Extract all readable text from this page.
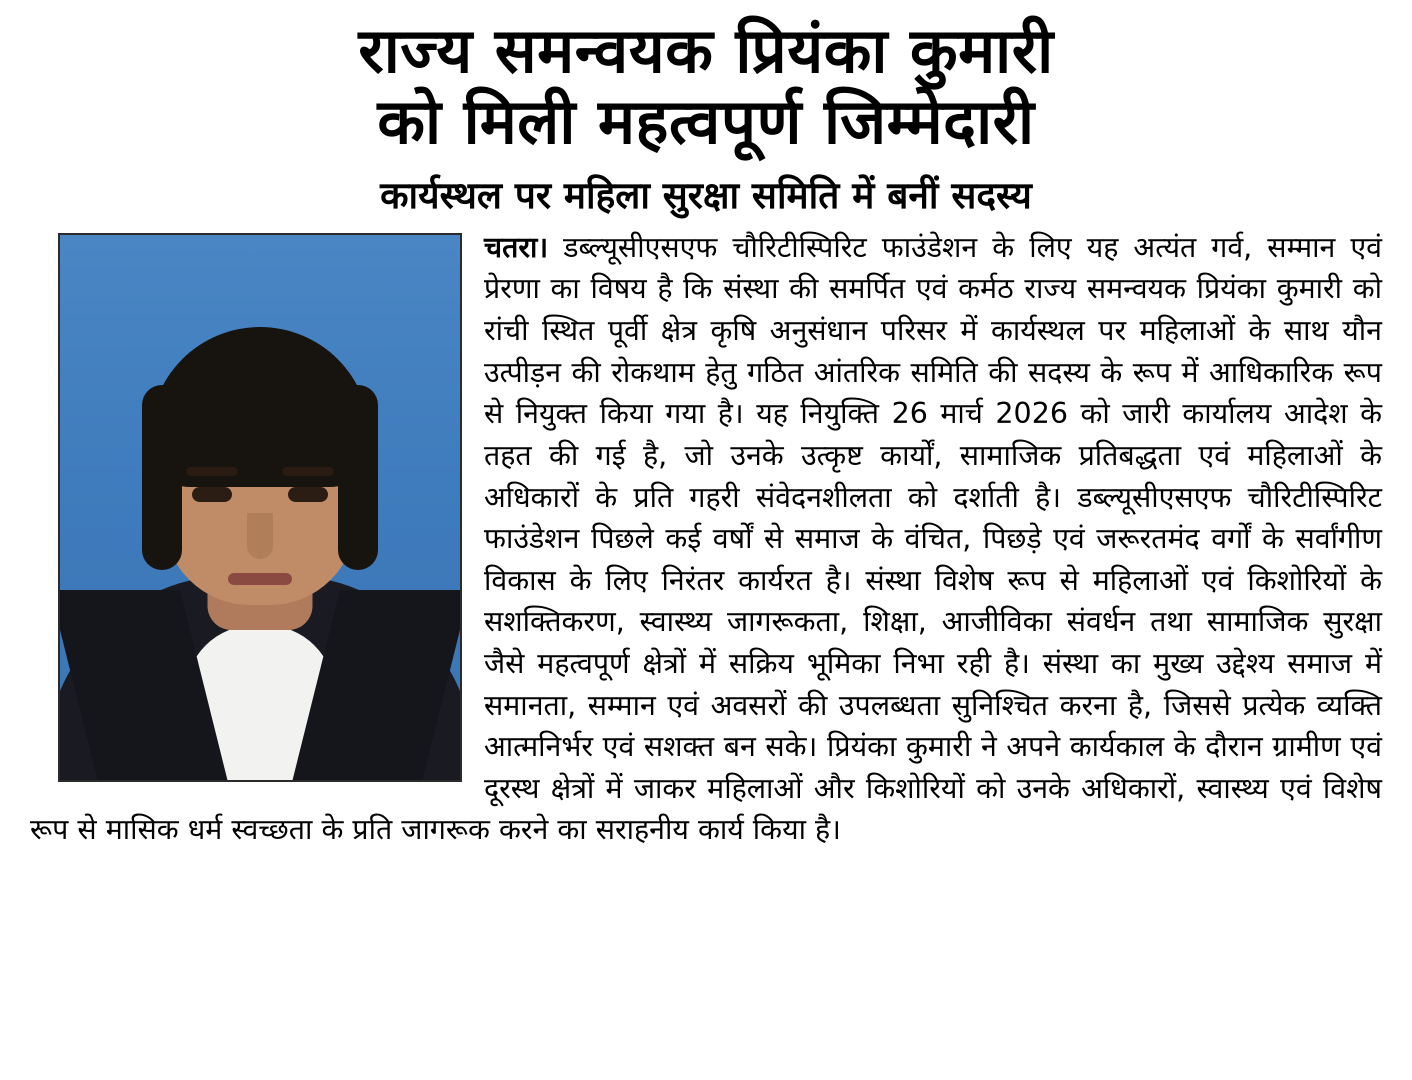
राज्य समन्वयक प्रियंका कुमारी
को मिली महत्वपूर्ण जिम्मेदारी
कार्यस्थल पर महिला सुरक्षा समिति में बनीं सदस्य
चतरा। डब्ल्यूसीएसएफ चौरिटीस्पिरिट फाउंडेशन के लिए यह अत्यंत गर्व, सम्मान एवं प्रेरणा का विषय है कि संस्था की समर्पित एवं कर्मठ राज्य समन्वयक प्रियंका कुमारी को रांची स्थित पूर्वी क्षेत्र कृषि अनुसंधान परिसर में कार्यस्थल पर महिलाओं के साथ यौन उत्पीड़न की रोकथाम हेतु गठित आंतरिक समिति की सदस्य के रूप में आधिकारिक रूप से नियुक्त किया गया है। यह नियुक्ति 26 मार्च 2026 को जारी कार्यालय आदेश के तहत की गई है, जो उनके उत्कृष्ट कार्यों, सामाजिक प्रतिबद्धता एवं महिलाओं के अधिकारों के प्रति गहरी संवेदनशीलता को दर्शाती है। डब्ल्यूसीएसएफ चौरिटीस्पिरिट फाउंडेशन पिछले कई वर्षों से समाज के वंचित, पिछड़े एवं जरूरतमंद वर्गों के सर्वांगीण विकास के लिए निरंतर कार्यरत है। संस्था विशेष रूप से महिलाओं एवं किशोरियों के सशक्तिकरण, स्वास्थ्य जागरूकता, शिक्षा, आजीविका संवर्धन तथा सामाजिक सुरक्षा जैसे महत्वपूर्ण क्षेत्रों में सक्रिय भूमिका निभा रही है। संस्था का मुख्य उद्देश्य समाज में समानता, सम्मान एवं अवसरों की उपलब्धता सुनिश्चित करना है, जिससे प्रत्येक व्यक्ति आत्मनिर्भर एवं सशक्त बन सके। प्रियंका कुमारी ने अपने कार्यकाल के दौरान ग्रामीण एवं दूरस्थ क्षेत्रों में जाकर महिलाओं और किशोरियों को उनके अधिकारों, स्वास्थ्य एवं विशेष रूप से मासिक धर्म स्वच्छता के प्रति जागरूक करने का सराहनीय कार्य किया है।
